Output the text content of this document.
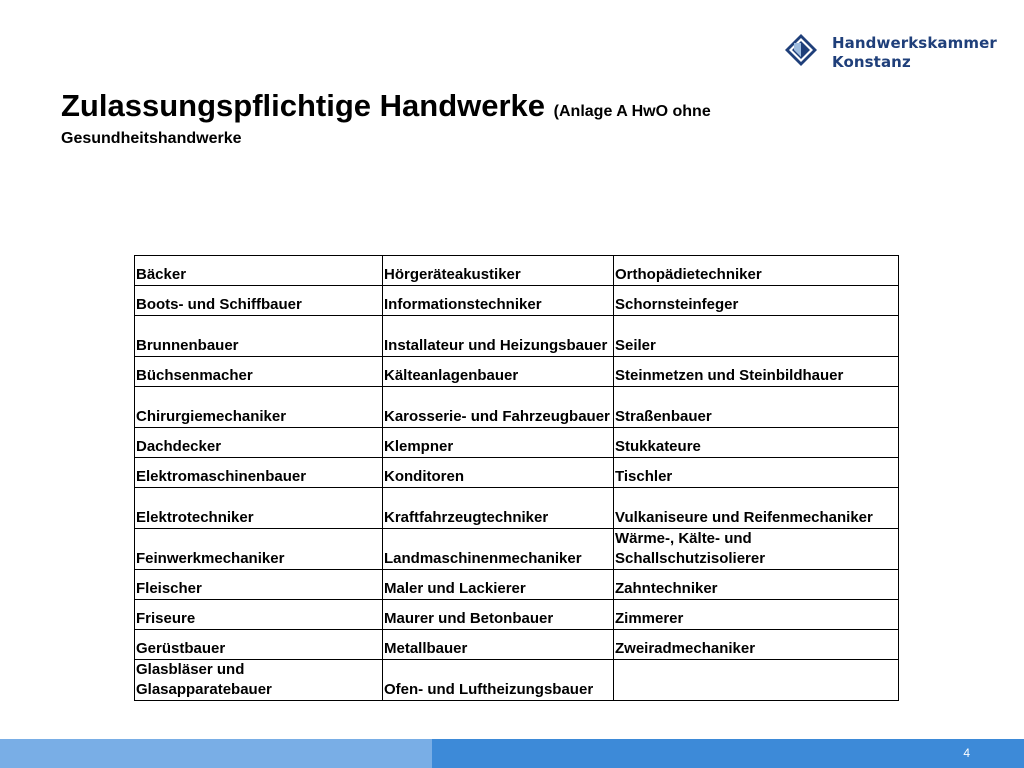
Handwerkskammer
Konstanz
Zulassungspflichtige Handwerke (Anlage A HwO ohne
Gesundheitshandwerke
Bäcker	Hörgeräteakustiker	Orthopädietechniker
Boots- und Schiffbauer	Informationstechniker	Schornsteinfeger
Brunnenbauer	Installateur und Heizungsbauer	Seiler
Büchsenmacher	Kälteanlagenbauer	Steinmetzen und Steinbildhauer
Chirurgiemechaniker	Karosserie- und Fahrzeugbauer	Straßenbauer
Dachdecker	Klempner	Stukkateure
Elektromaschinenbauer	Konditoren	Tischler
Elektrotechniker	Kraftfahrzeugtechniker	Vulkaniseure und Reifenmechaniker
Feinwerkmechaniker	Landmaschinenmechaniker	Wärme-, Kälte- und Schallschutzisolierer
Fleischer	Maler und Lackierer	Zahntechniker
Friseure	Maurer und Betonbauer	Zimmerer
Gerüstbauer	Metallbauer	Zweiradmechaniker
Glasbläser und Glasapparatebauer	Ofen- und Luftheizungsbauer	
4
